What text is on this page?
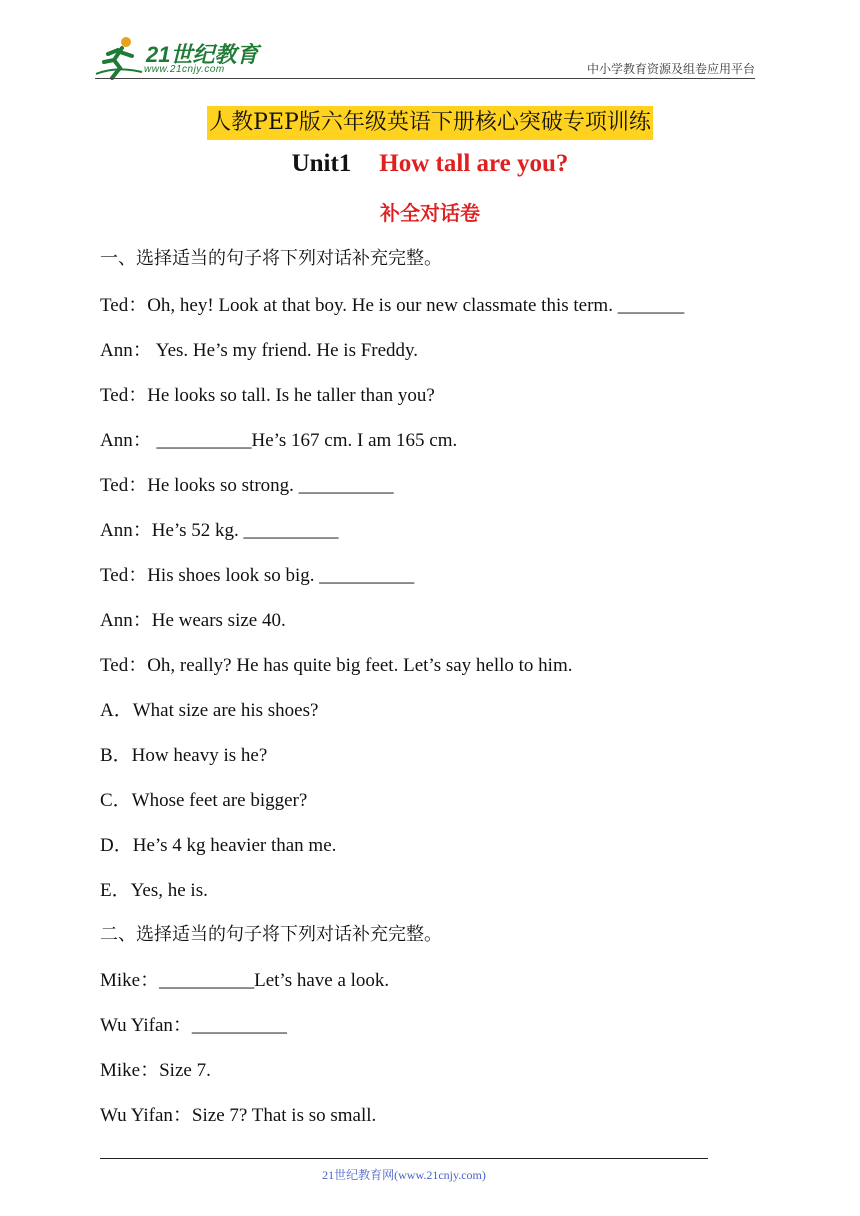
21世纪教育
www.21cnjy.com	中小学教育资源及组卷应用平台
人教PEP版六年级英语下册核心突破专项训练
Unit1 How tall are you?
补全对话卷
一、选择适当的句子将下列对话补充完整。
Ted：Oh, hey! Look at that boy. He is our new classmate this term. _______
Ann： Yes. He’s my friend. He is Freddy.
Ted：He looks so tall. Is he taller than you?
Ann： __________He’s 167 cm. I am 165 cm.
Ted：He looks so strong. __________
Ann：He’s 52 kg. __________
Ted：His shoes look so big. __________
Ann：He wears size 40.
Ted：Oh, really? He has quite big feet. Let’s say hello to him.
A．What size are his shoes?
B．How heavy is he?
C．Whose feet are bigger?
D．He’s 4 kg heavier than me.
E．Yes, he is.
二、选择适当的句子将下列对话补充完整。
Mike：__________Let’s have a look.
Wu Yifan：__________
Mike：Size 7.
Wu Yifan：Size 7? That is so small.
21世纪教育网(www.21cnjy.com)
